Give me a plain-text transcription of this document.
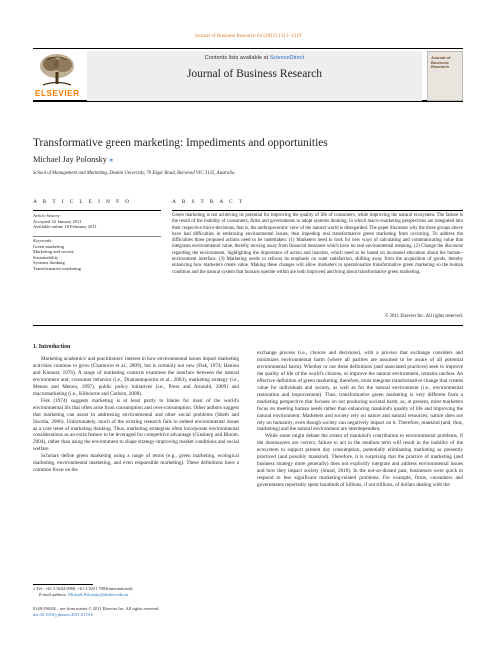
Journal of Business Research 64 (2011) 1311–1319
ELSEVIER
Contents lists available at ScienceDirect
Journal of Business Research
Journal of Business Research
Transformative green marketing: Impediments and opportunities
Michael Jay Polonsky ⁎
School of Management and Marketing, Deakin University, 70 Elgar Road, Burwood VIC 3125, Australia
A R T I C L E I N F O	A B S T R A C T
Article history:
Accepted 22 January 2011
Available online 18 February 2011
Keywords:
Green marketing
Marketing and society
Sustainability
Systems thinking
Transformative marketing
Green marketing is not achieving its potential for improving the quality of life of consumers, while improving the natural ecosystem. The failure is the result of the inability of consumers, firms and governments to adopt systems thinking, in which macro-marketing perspectives are integrated into their respective micro-decisions, that is, the anthropocentric view of the natural world is disregarded. The paper discusses why the three groups above have had difficulties in embracing environmental issues, thus impeding real transformative green marketing from occurring. To address the difficulties three proposed actions need to be undertaken: (1) Marketers need to look for new ways of calculating and communicating value that integrates environmental value, thereby moving away from financial measures which have no real environmental meaning. (2) Change the discourse regarding the environment, highlighting the importance of action and inaction, which need to be based on increased education about the human–environment interface. (3) Marketing needs to refocus its emphasis on want satisfaction, shifting away from the acquisition of goods, thereby enhancing how marketers create value. Making these changes will allow marketers to operationalize transformative green marketing so the human condition and the natural system that humans operate within are both improved and bring about transformative green marketing.
© 2011 Elsevier Inc. All rights reserved.
1. Introduction

Marketing academics' and practitioners' interest in how environmental issues impact marketing activities continue to grow (Chamorro et al., 2009), but is certainly not new (Fisk, 1974; Henion and Kinnear, 1976). A range of marketing contexts examines the interface between the natural environment and; consumer behavior (i.e., Diamantopoulos et al., 2003), marketing strategy (i.e., Menon and Menon, 1997), public policy initiatives (i.e., Press and Arnould, 2009) and macromarketing (i.e., Kilbourne and Carlson, 2008).

Fisk (1974) suggests marketing is at least partly to blame for most of the world's environmental ills that often arise from consumption and over-consumption. Other authors suggest that marketing can assist in addressing environmental and other social problems (Sheth and Sisodia, 2006). Unfortunately, much of the existing research fails to embed environmental issues as a core tenet of marketing thinking. Thus, marketing strategists often incorporate environmental considerations as an extra feature to be leveraged for competitive advantage (Ginsberg and Bloom, 2004), rather than using the environment to shape strategy-improving market conditions and social welfare.

Scholars define green marketing using a range of terms (e.g., green marketing, ecological marketing, environmental marketing, and even responsible marketing). These definitions have a common focus on the

exchange process (i.e., choices and decisions), with a proviso that exchange considers and minimizes environmental harm (where all parities are assumed to be aware of all potential environmental harm). Whether or not these definitions (and associated practices) seek to improve the quality of life of the world's citizens, or improve the natural environment, remains unclear. An effective definition of green marketing, therefore, must integrate transformative change that creates value for individuals and society, as well as for the natural environment (i.e., environmental restoration and improvement). Thus, transformative green marketing is very different from a marketing perspective that focuses on not producing societal harm, as, at present, most marketers focus on meeting human needs rather than enhancing mankind's quality of life and improving the natural environment. Marketers and society rely on nature and natural resources; nature does not rely on humanity, even though society can negatively impact on it. Therefore, mankind (and, thus, marketing) and the natural environment are interdependent.

While some might debate the extent of mankind's contribution to environmental problems, if the doomsayers are correct, failure to act in the medium term will result in the inability of the ecosystem to support present day consumption, potentially eliminating marketing as presently practiced (and possibly mankind). Therefore, it is surprising that the practice of marketing (and business strategy more generally) does not explicitly integrate and address environmental issues and how they impact society (Smart, 2010). In the not-so-distant past, businesses were quick to respond to less significant marketing-related problems. For example, firms, consumers and governments reportedly spent hundreds of billions, if not trillions, of dollars dealing with the

⁎ Tel.: +61 3 9244 6968, +61 3 9251 7083(international).
E-mail address: Michael.Polonsky@deakin.edu.au.
0148-2963/$ – see front matter © 2011 Elsevier Inc. All rights reserved.
doi:10.1016/j.jbusres.2011.01.016
